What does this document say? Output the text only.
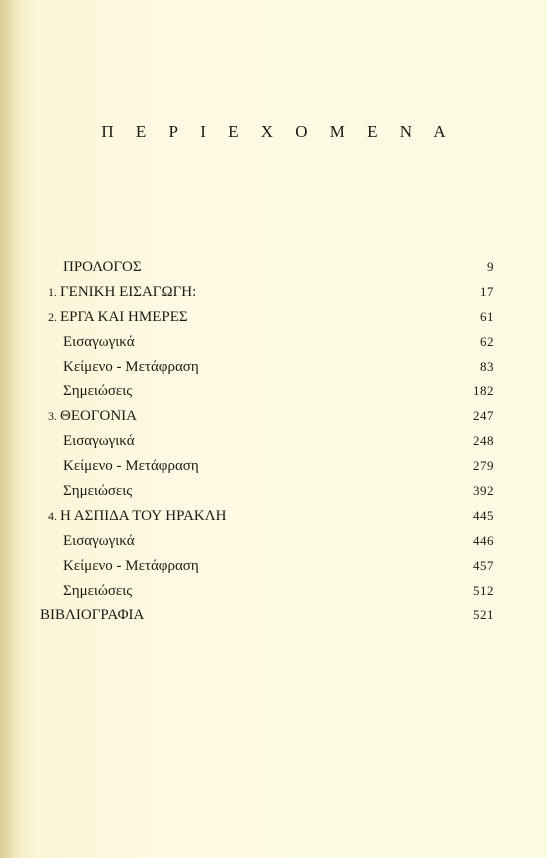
Π Ε Ρ Ι Ε Χ Ο Μ Ε Ν Α
ΠΡΟΛΟΓΟΣ	9
1. ΓΕΝΙΚΗ ΕΙΣΑΓΩΓΗ:	17
2. ΕΡΓΑ ΚΑΙ ΗΜΕΡΕΣ	61
Εισαγωγικά	62
Κείμενο - Μετάφραση	83
Σημειώσεις	182
3. ΘΕΟΓΟΝΙΑ	247
Εισαγωγικά	248
Κείμενο - Μετάφραση	279
Σημειώσεις	392
4. Η ΑΣΠΙΔΑ ΤΟΥ ΗΡΑΚΛΗ	445
Εισαγωγικά	446
Κείμενο - Μετάφραση	457
Σημειώσεις	512
ΒΙΒΛΙΟΓΡΑΦΙΑ	521
